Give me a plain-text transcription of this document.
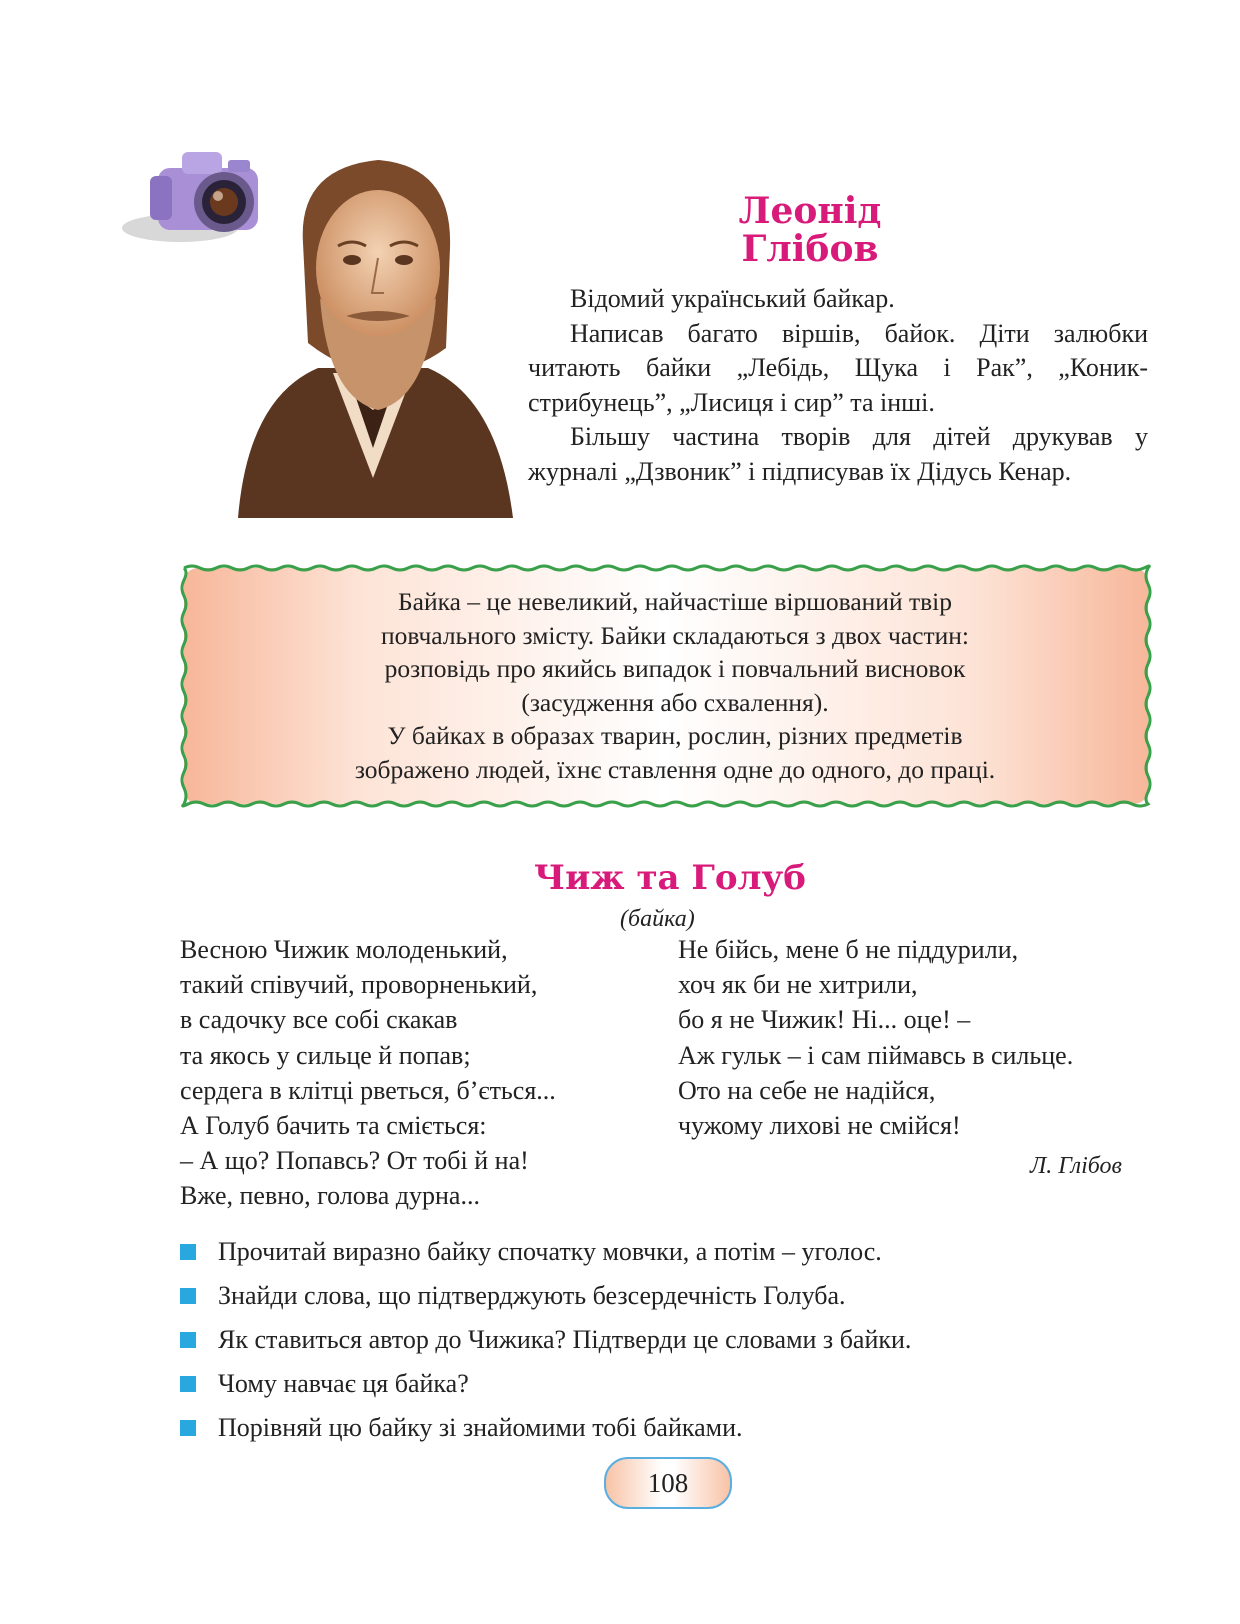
Леонід
Глібов

Відомий український байкар.

Написав багато віршів, байок. Діти залюбки читають байки „Лебідь, Щука і Рак”, „Коник-стрибунець”, „Лисиця і сир” та інші.

Більшу частина творів для дітей друкував у журналі „Дзвоник” і підписував їх Дідусь Кенар.

Байка – це невеликий, найчастіше віршований твір

повчального змісту. Байки складаються з двох частин:

розповідь про якийсь випадок і повчальний висновок

(засудження або схвалення).

У байках в образах тварин, рослин, різних предметів

зображено людей, їхнє ставлення одне до одного, до праці.

Чиж та Голуб
(байка)
Весною Чижик молоденький,
такий співучий, проворненький,
в садочку все собі скакав
та якось у сильце й попав;
сердега в клітці рветься, б’ється...
А Голуб бачить та сміється:
– А що? Попавсь? От тобі й на!
Вже, певно, голова дурна...
Не бійсь, мене б не піддурили,
хоч як би не хитрили,
бо я не Чижик! Ні... оце! –
Аж гульк – і сам піймавсь в сильце.
Ото на себе не надійся,
чужому лихові не смійся!
Л. Глібов
Прочитай виразно байку спочатку мовчки, а потім – уголос.
Знайди слова, що підтверджують безсердечність Голуба.
Як ставиться автор до Чижика? Підтверди це словами з байки.
Чому навчає ця байка?
Порівняй цю байку зі знайомими тобі байками.
108
